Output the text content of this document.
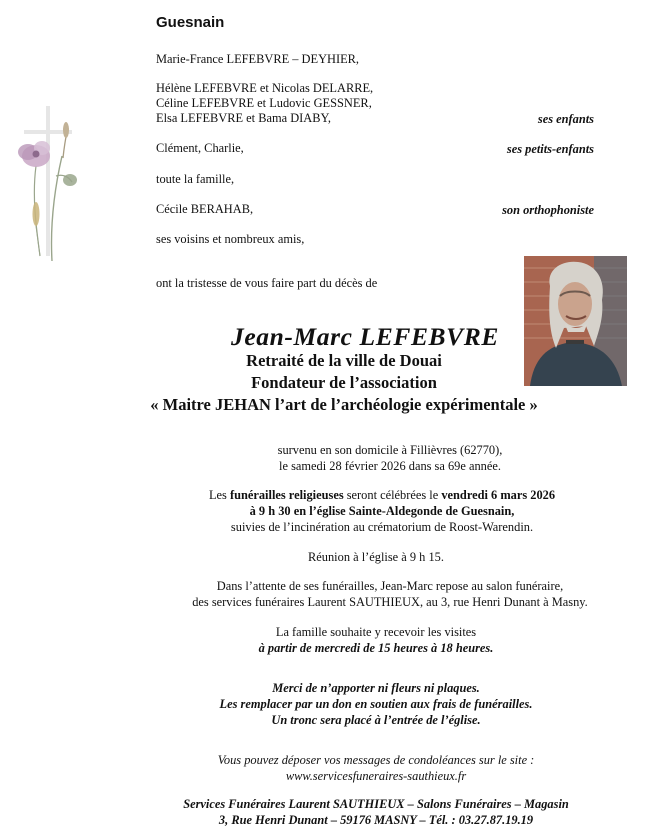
Guesnain
Marie-France LEFEBVRE – DEYHIER,
Hélène LEFEBVRE et Nicolas DELARRE,
Céline LEFEBVRE et Ludovic GESSNER,
Elsa LEFEBVRE et Bama DIABY,	ses enfants
Clément, Charlie,	ses petits-enfants
toute la famille,
Cécile BERAHAB,	son orthophoniste
ses voisins et nombreux amis,
ont la tristesse de vous faire part du décès de
Jean-Marc LEFEBVRE
Retraité de la ville de Douai
Fondateur de l’association
« Maitre JEHAN l’art de l’archéologie expérimentale »
survenu en son domicile à Fillièvres (62770),
le samedi 28 février 2026 dans sa 69e année.
Les funérailles religieuses seront célébrées le vendredi 6 mars 2026
à 9 h 30 en l’église Sainte-Aldegonde de Guesnain,
suivies de l’incinération au crématorium de Roost-Warendin.
Réunion à l’église à 9 h 15.
Dans l’attente de ses funérailles, Jean-Marc repose au salon funéraire,
des services funéraires Laurent SAUTHIEUX, au 3, rue Henri Dunant à Masny.
La famille souhaite y recevoir les visites
à partir de mercredi de 15 heures à 18 heures.
Merci de n’apporter ni fleurs ni plaques.
Les remplacer par un don en soutien aux frais de funérailles.
Un tronc sera placé à l’entrée de l’église.
Vous pouvez déposer vos messages de condoléances sur le site :
www.servicesfuneraires-sauthieux.fr
Services Funéraires Laurent SAUTHIEUX – Salons Funéraires – Magasin
3, Rue Henri Dunant – 59176 MASNY – Tél. : 03.27.87.19.19
